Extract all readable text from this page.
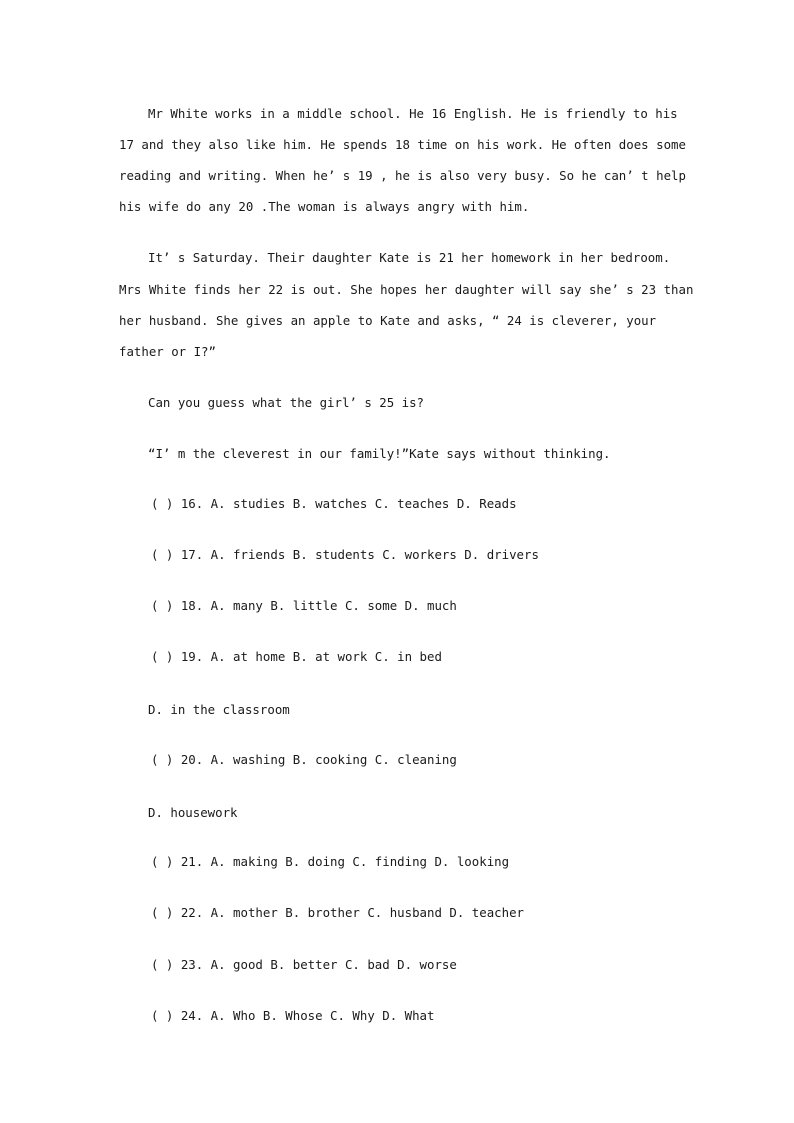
Mr White works in a middle school. He 16 English. He is friendly to his
17 and they also like him. He spends 18 time on his work. He often does some
reading and writing. When he’ s 19 , he is also very busy. So he can’ t help
his wife do any 20 .The woman is always angry with him.
It’ s Saturday. Their daughter Kate is 21 her homework in her bedroom.
Mrs White finds her 22 is out. She hopes her daughter will say she’ s 23 than
her husband. She gives an apple to Kate and asks, “ 24 is cleverer, your
father or I?”
Can you guess what the girl’ s 25 is?
“I’ m the cleverest in our family!”Kate says without thinking.
( ) 16. A. studies B. watches C. teaches D. Reads
( ) 17. A. friends B. students C. workers D. drivers
( ) 18. A. many B. little C. some D. much
( ) 19. A. at home B. at work C. in bed
D. in the classroom
( ) 20. A. washing B. cooking C. cleaning
D. housework
( ) 21. A. making B. doing C. finding D. looking
( ) 22. A. mother B. brother C. husband D. teacher
( ) 23. A. good B. better C. bad D. worse
( ) 24. A. Who B. Whose C. Why D. What
